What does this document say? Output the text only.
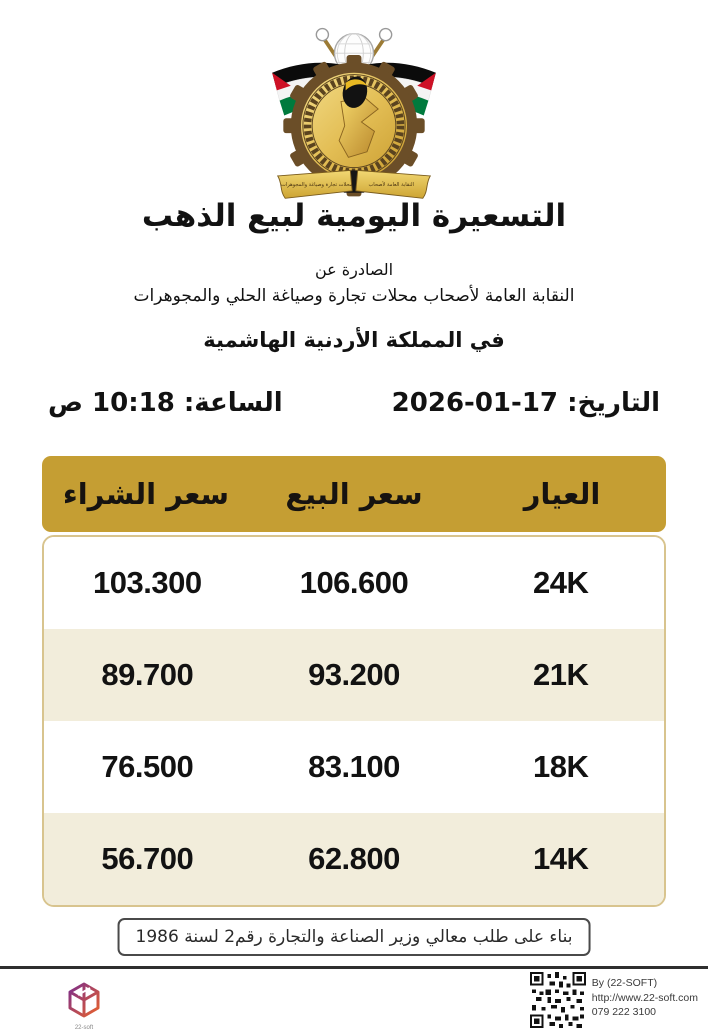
محلات تجارة وصياغة والمجوهرات	النقابة العامة لأصحاب
التسعيرة اليومية لبيع الذهب
الصادرة عن
النقابة العامة لأصحاب محلات تجارة وصياغة الحلي والمجوهرات
في المملكة الأردنية الهاشمية
التاريخ: 17-01-2026
الساعة: 10:18 ص
العيار
سعر البيع
سعر الشراء
24K
106.600
103.300
21K
93.200
89.700
18K
83.100
76.500
14K
62.800
56.700
بناء على طلب معالي وزير الصناعة والتجارة رقم2 لسنة 1986
22-soft
By (22-SOFT)
http://www.22-soft.com
079 222 3100
